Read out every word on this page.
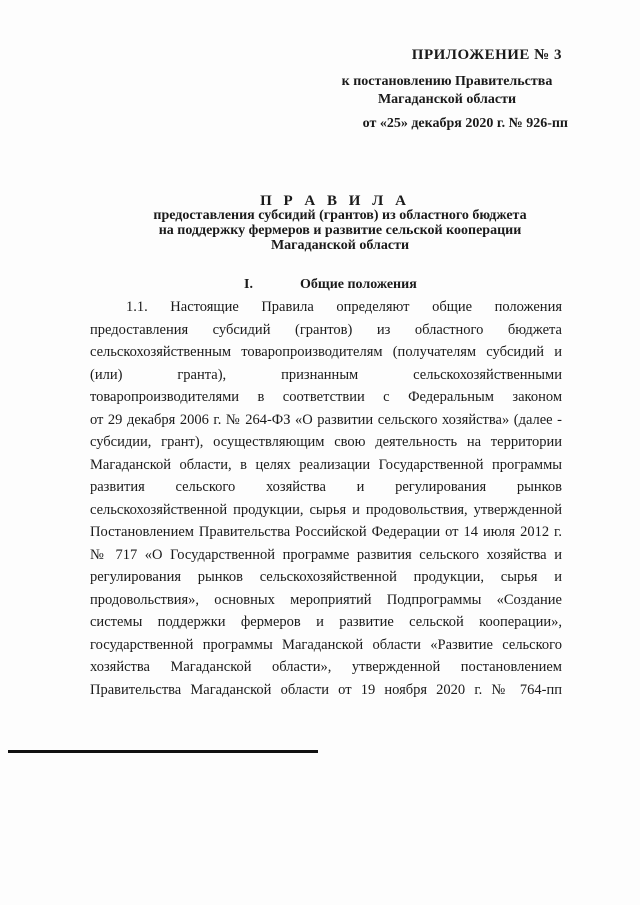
ПРИЛОЖЕНИЕ № 3
к постановлению Правительства
Магаданской области
от «25» декабря 2020 г. № 926-пп
П Р А В И Л А
предоставления субсидий (грантов) из областного бюджета
на поддержку фермеров и развитие сельской кооперации
Магаданской области
I.	Общие положения
1.1. Настоящие Правила определяют общие положения
предоставления субсидий (грантов) из областного бюджета
сельскохозяйственным товаропроизводителям (получателям субсидий и
(или) гранта), признанным сельскохозяйственными
товаропроизводителями в соответствии с Федеральным законом
от 29 декабря 2006 г. № 264-ФЗ «О развитии сельского хозяйства» (далее -
субсидии, грант), осуществляющим свою деятельность на территории
Магаданской области, в целях реализации Государственной программы
развития сельского хозяйства и регулирования рынков
сельскохозяйственной продукции, сырья и продовольствия, утвержденной
Постановлением Правительства Российской Федерации от 14 июля 2012 г.
№ 717 «О Государственной программе развития сельского хозяйства и
регулирования рынков сельскохозяйственной продукции, сырья и
продовольствия», основных мероприятий Подпрограммы «Создание
системы поддержки фермеров и развитие сельской кооперации»,
государственной программы Магаданской области «Развитие сельского
хозяйства Магаданской области», утвержденной постановлением
Правительства Магаданской области от 19 ноября 2020 г. № 764-пп
